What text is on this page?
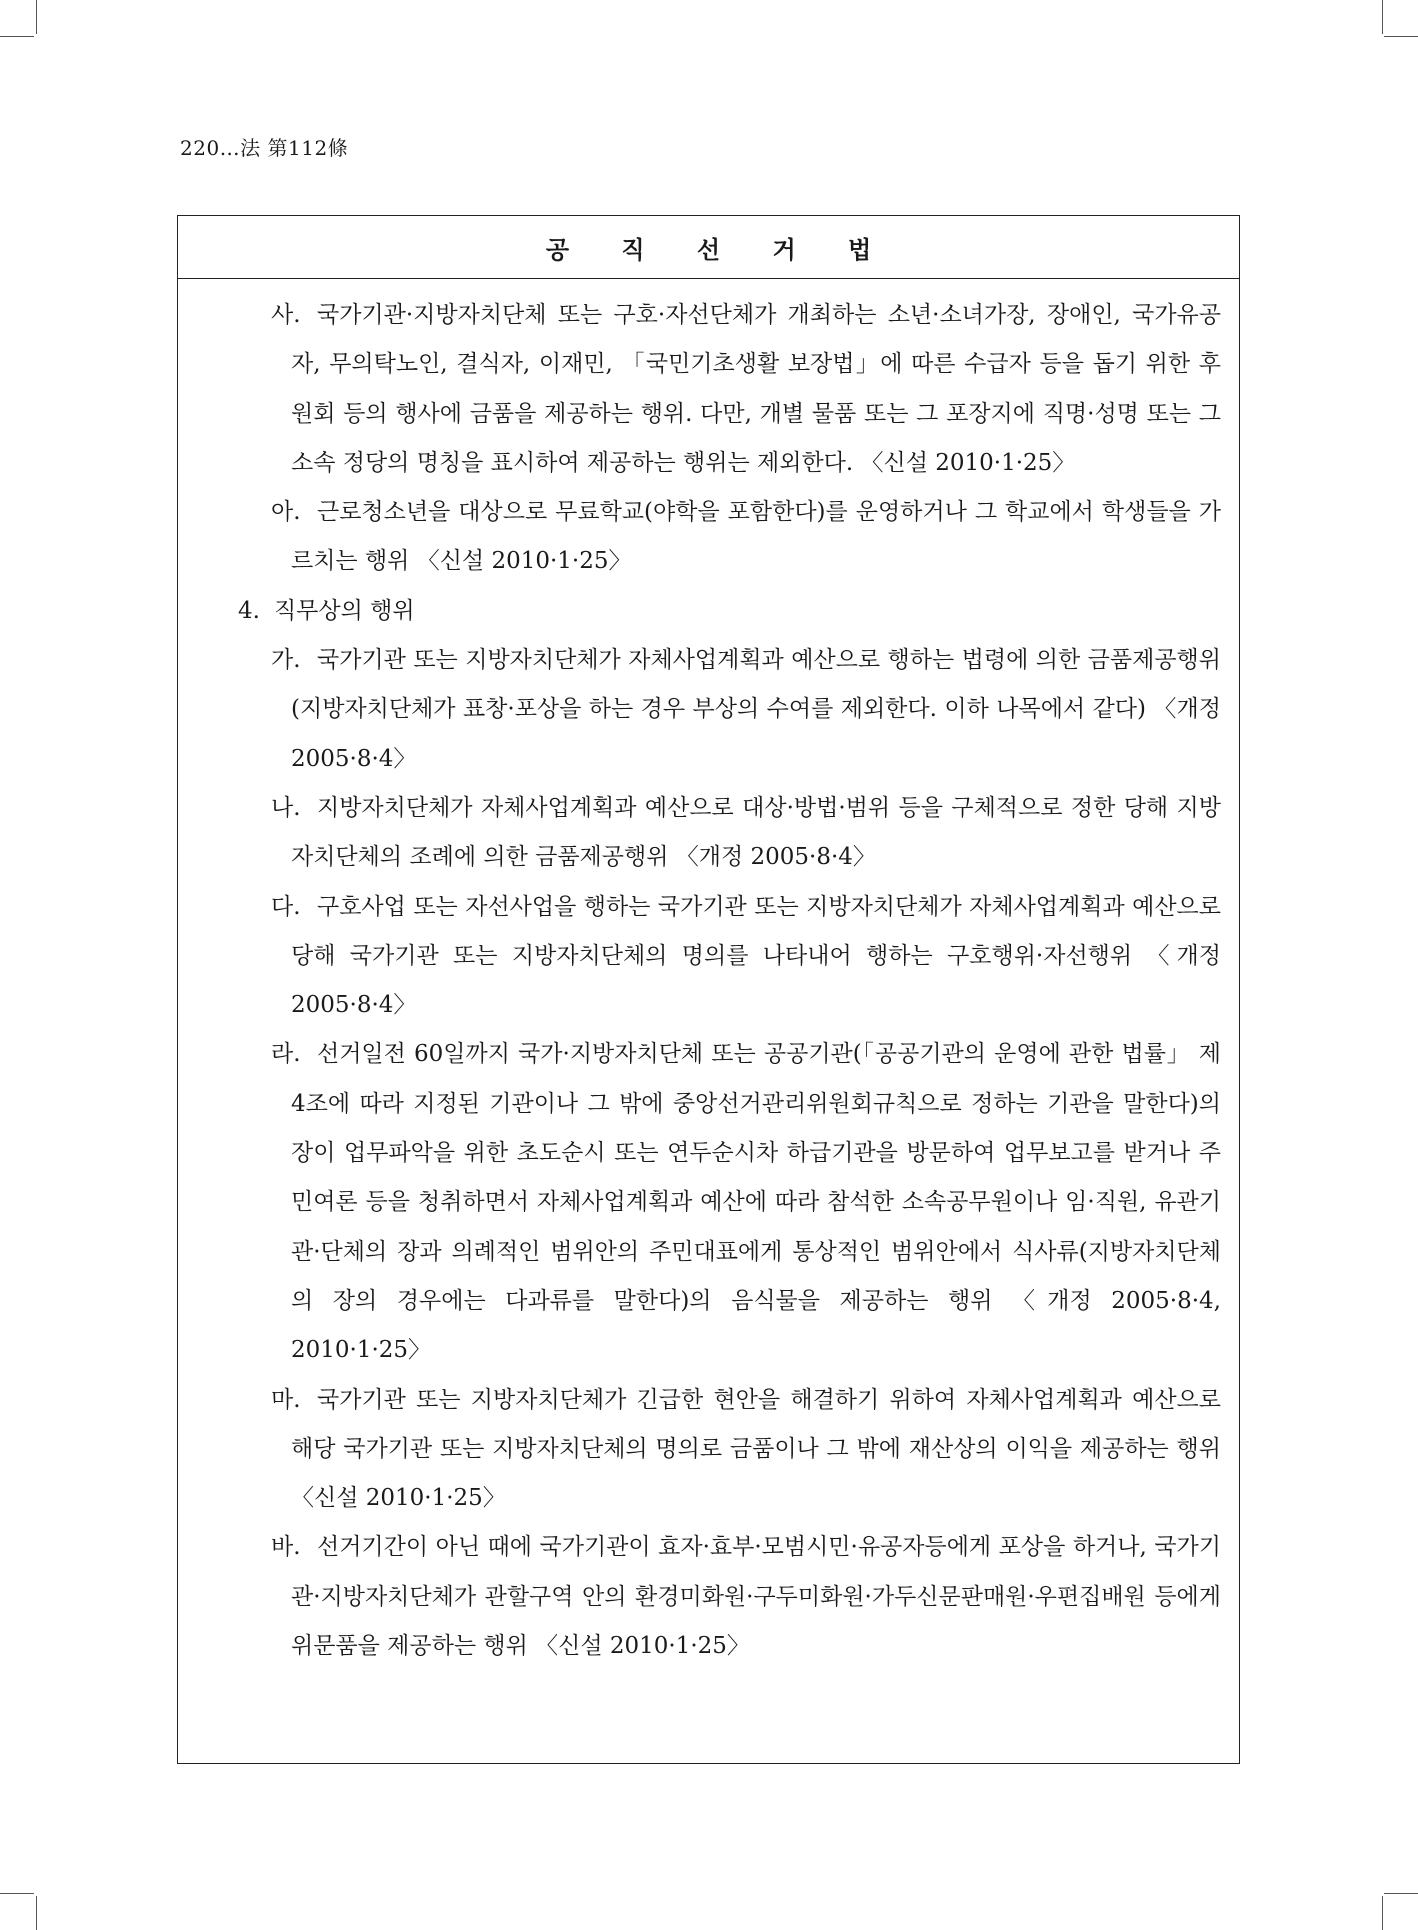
220…法 第112條
공 직 선 거 법
사. 국가기관·지방자치단체 또는 구호·자선단체가 개최하는 소년·소녀가장, 장애인, 국가유공자, 무의탁노인, 결식자, 이재민, 「국민기초생활 보장법」에 따른 수급자 등을 돕기 위한 후원회 등의 행사에 금품을 제공하는 행위. 다만, 개별 물품 또는 그 포장지에 직명·성명 또는 그 소속 정당의 명칭을 표시하여 제공하는 행위는 제외한다. 〈신설 2010·1·25〉
아. 근로청소년을 대상으로 무료학교(야학을 포함한다)를 운영하거나 그 학교에서 학생들을 가르치는 행위 〈신설 2010·1·25〉
4. 직무상의 행위
가. 국가기관 또는 지방자치단체가 자체사업계획과 예산으로 행하는 법령에 의한 금품제공행위(지방자치단체가 표창·포상을 하는 경우 부상의 수여를 제외한다. 이하 나목에서 같다) 〈개정 2005·8·4〉
나. 지방자치단체가 자체사업계획과 예산으로 대상·방법·범위 등을 구체적으로 정한 당해 지방자치단체의 조례에 의한 금품제공행위 〈개정 2005·8·4〉
다. 구호사업 또는 자선사업을 행하는 국가기관 또는 지방자치단체가 자체사업계획과 예산으로 당해 국가기관 또는 지방자치단체의 명의를 나타내어 행하는 구호행위·자선행위 〈개정 2005·8·4〉
라. 선거일전 60일까지 국가·지방자치단체 또는 공공기관(「공공기관의 운영에 관한 법률」 제4조에 따라 지정된 기관이나 그 밖에 중앙선거관리위원회규칙으로 정하는 기관을 말한다)의 장이 업무파악을 위한 초도순시 또는 연두순시차 하급기관을 방문하여 업무보고를 받거나 주민여론 등을 청취하면서 자체사업계획과 예산에 따라 참석한 소속공무원이나 임·직원, 유관기관·단체의 장과 의례적인 범위안의 주민대표에게 통상적인 범위안에서 식사류(지방자치단체의 장의 경우에는 다과류를 말한다)의 음식물을 제공하는 행위 〈개정 2005·8·4, 2010·1·25〉
마. 국가기관 또는 지방자치단체가 긴급한 현안을 해결하기 위하여 자체사업계획과 예산으로 해당 국가기관 또는 지방자치단체의 명의로 금품이나 그 밖에 재산상의 이익을 제공하는 행위 〈신설 2010·1·25〉
바. 선거기간이 아닌 때에 국가기관이 효자·효부·모범시민·유공자등에게 포상을 하거나, 국가기관·지방자치단체가 관할구역 안의 환경미화원·구두미화원·가두신문판매원·우편집배원 등에게 위문품을 제공하는 행위 〈신설 2010·1·25〉
